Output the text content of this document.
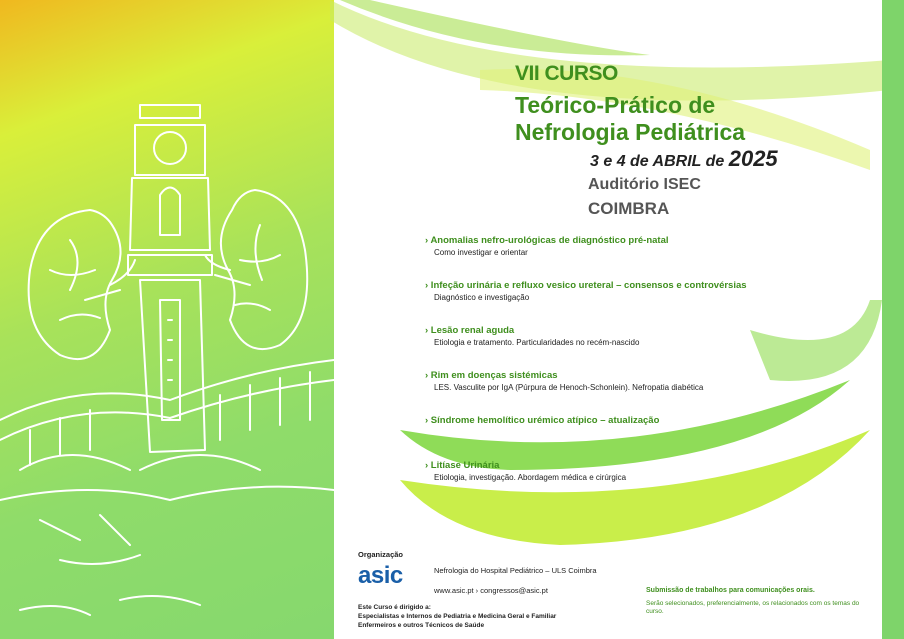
VII CURSO
Teórico-Prático de
Nefrologia Pediátrica
3 e 4 de ABRIL de 2025
Auditório ISEC
COIMBRA
› Anomalias nefro-urológicas de diagnóstico pré-natal
Como investigar e orientar
› Infeção urinária e refluxo vesico ureteral – consensos e controvérsias
Diagnóstico e investigação
› Lesão renal aguda
Etiologia e tratamento. Particularidades no recém-nascido
› Rim em doenças sistémicas
LES. Vasculite por IgA (Púrpura de Henoch-Schonlein). Nefropatia diabética
› Síndrome hemolítico urémico atípico – atualização
› Litíase Urinária
Etiologia, investigação. Abordagem médica e cirúrgica
Organização
asic	Nefrologia do Hospital Pediátrico – ULS Coimbra
www.asic.pt › congressos@asic.pt
Este Curso é dirigido a:
Especialistas e Internos de Pediatria e Medicina Geral e Familiar
Enfermeiros e outros Técnicos de Saúde
Submissão de trabalhos para comunicações orais.
Serão selecionados, preferencialmente, os relacionados com os temas do curso.
